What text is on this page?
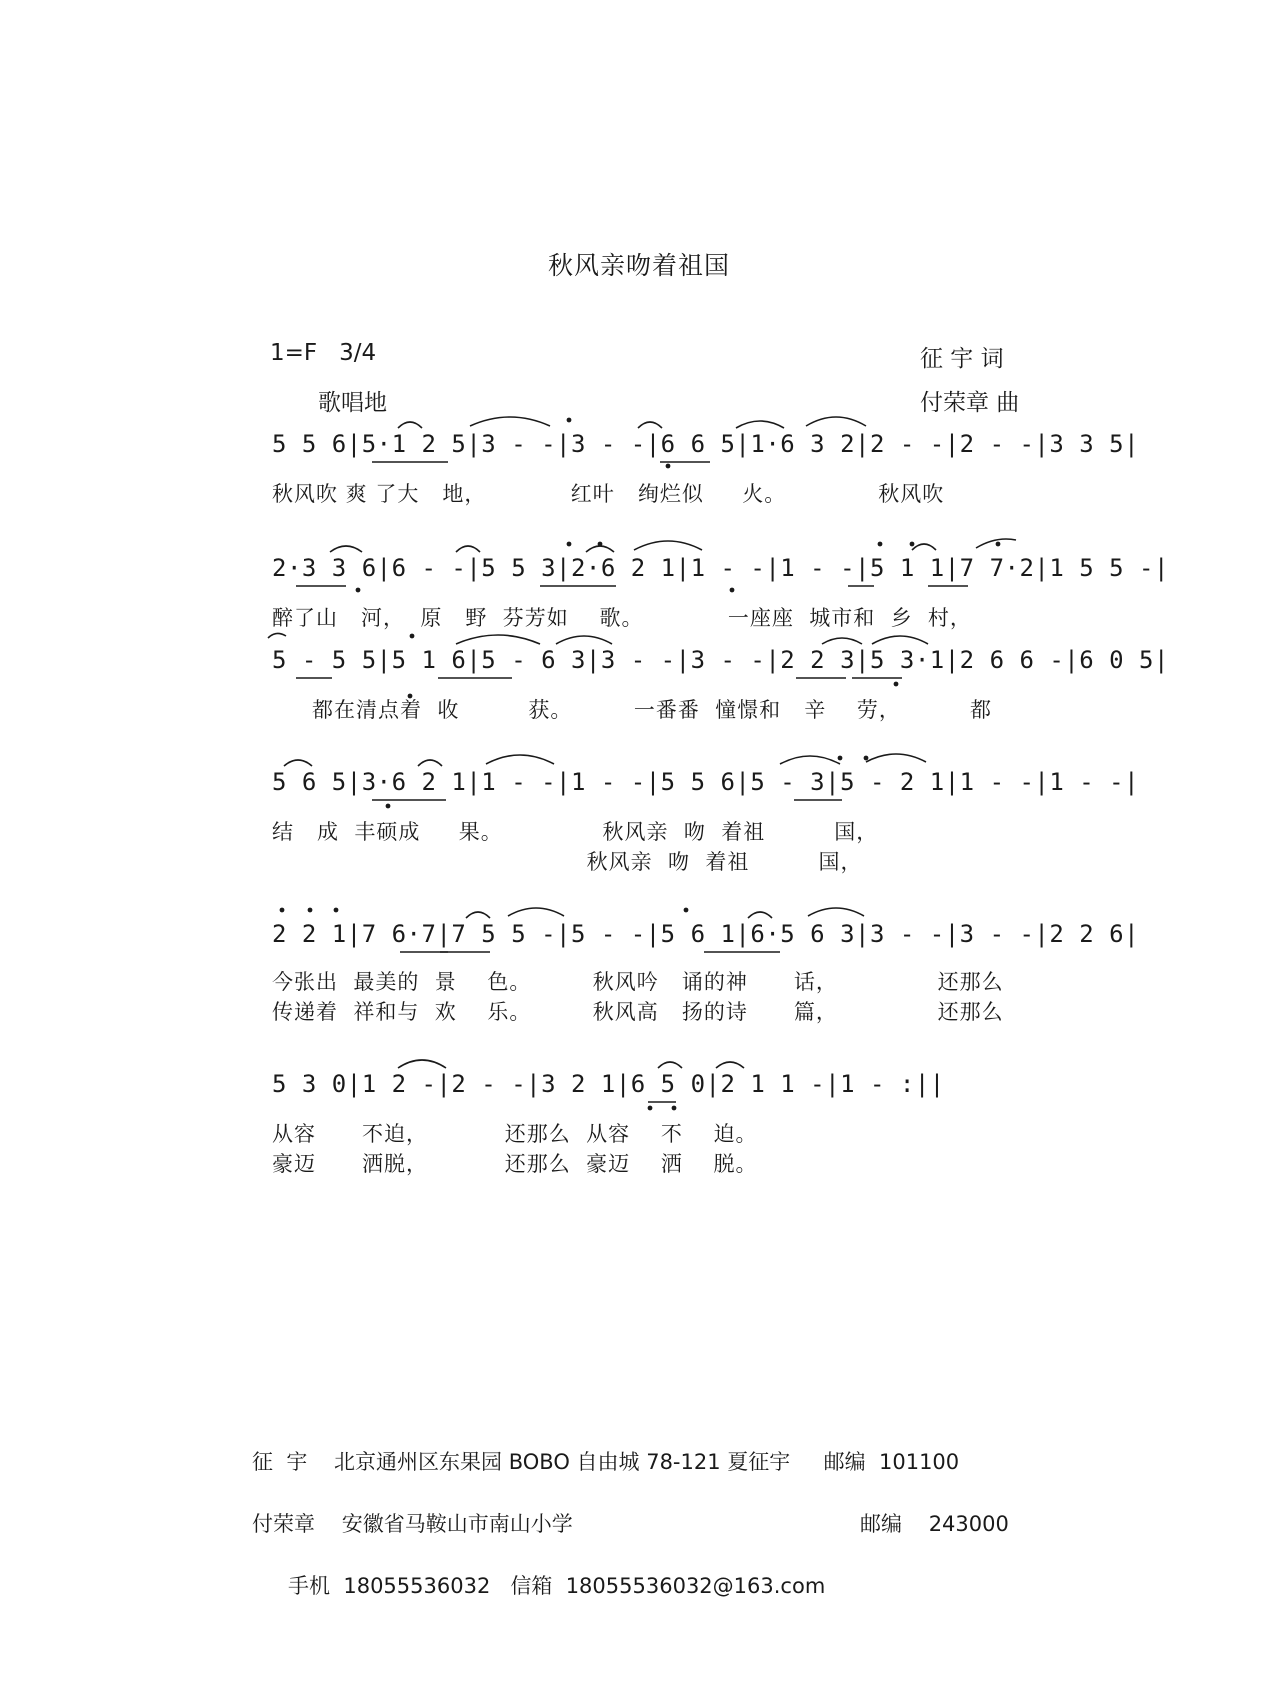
秋风亲吻着祖国
1=F   3/4	征 宇 词
歌唱地	付荣章 曲
5 5 6|5·1 2 5|3 - -|3 - -|6 6 5|1·6 3 2|2 - -|2 - -|3 3 5|
秋风吹 爽 了大   地，           红叶   绚烂似     火。            秋风吹
2·3 3 6|6 - -|5 5 3|2·6 2 1|1 - -|1 - -|5 1 1|7 7·2|1 5 5 -|
醉了山   河，  原   野  芬芳如    歌。           一座座  城市和  乡  村，
5 - 5 5|5 1 6|5 - 6 3|3 - -|3 - -|2 2 3|5 3·1|2 6 6 -|6 0 5|
都在清点着  收         获。        一番番  憧憬和   辛    劳，         都
5 6 5|3·6 2 1|1 - -|1 - -|5 5 6|5 - 3|5 - 2 1|1 - -|1 - -|
结   成  丰硕成     果。             秋风亲  吻  着祖         国，
秋风亲  吻  着祖         国，
2 2 1|7 6·7|7 5 5 -|5 - -|5 6 1|6·5 6 3|3 - -|3 - -|2 2 6|
今张出  最美的  景    色。        秋风吟   诵的神      话，             还那么
传递着  祥和与  欢    乐。        秋风高   扬的诗      篇，             还那么
5 3 0|1 2 -|2 - -|3 2 1|6 5 0|2 1 1 -|1 - :||
从容      不迫，          还那么  从容    不    迫。
豪迈      洒脱，          还那么  豪迈    洒    脱。
征  宇    北京通州区东果园 BOBO 自由城 78-121 夏征宇     邮编  101100
付荣章    安徽省马鞍山市南山小学	邮编    243000
手机  18055536032   信箱  18055536032@163.com
